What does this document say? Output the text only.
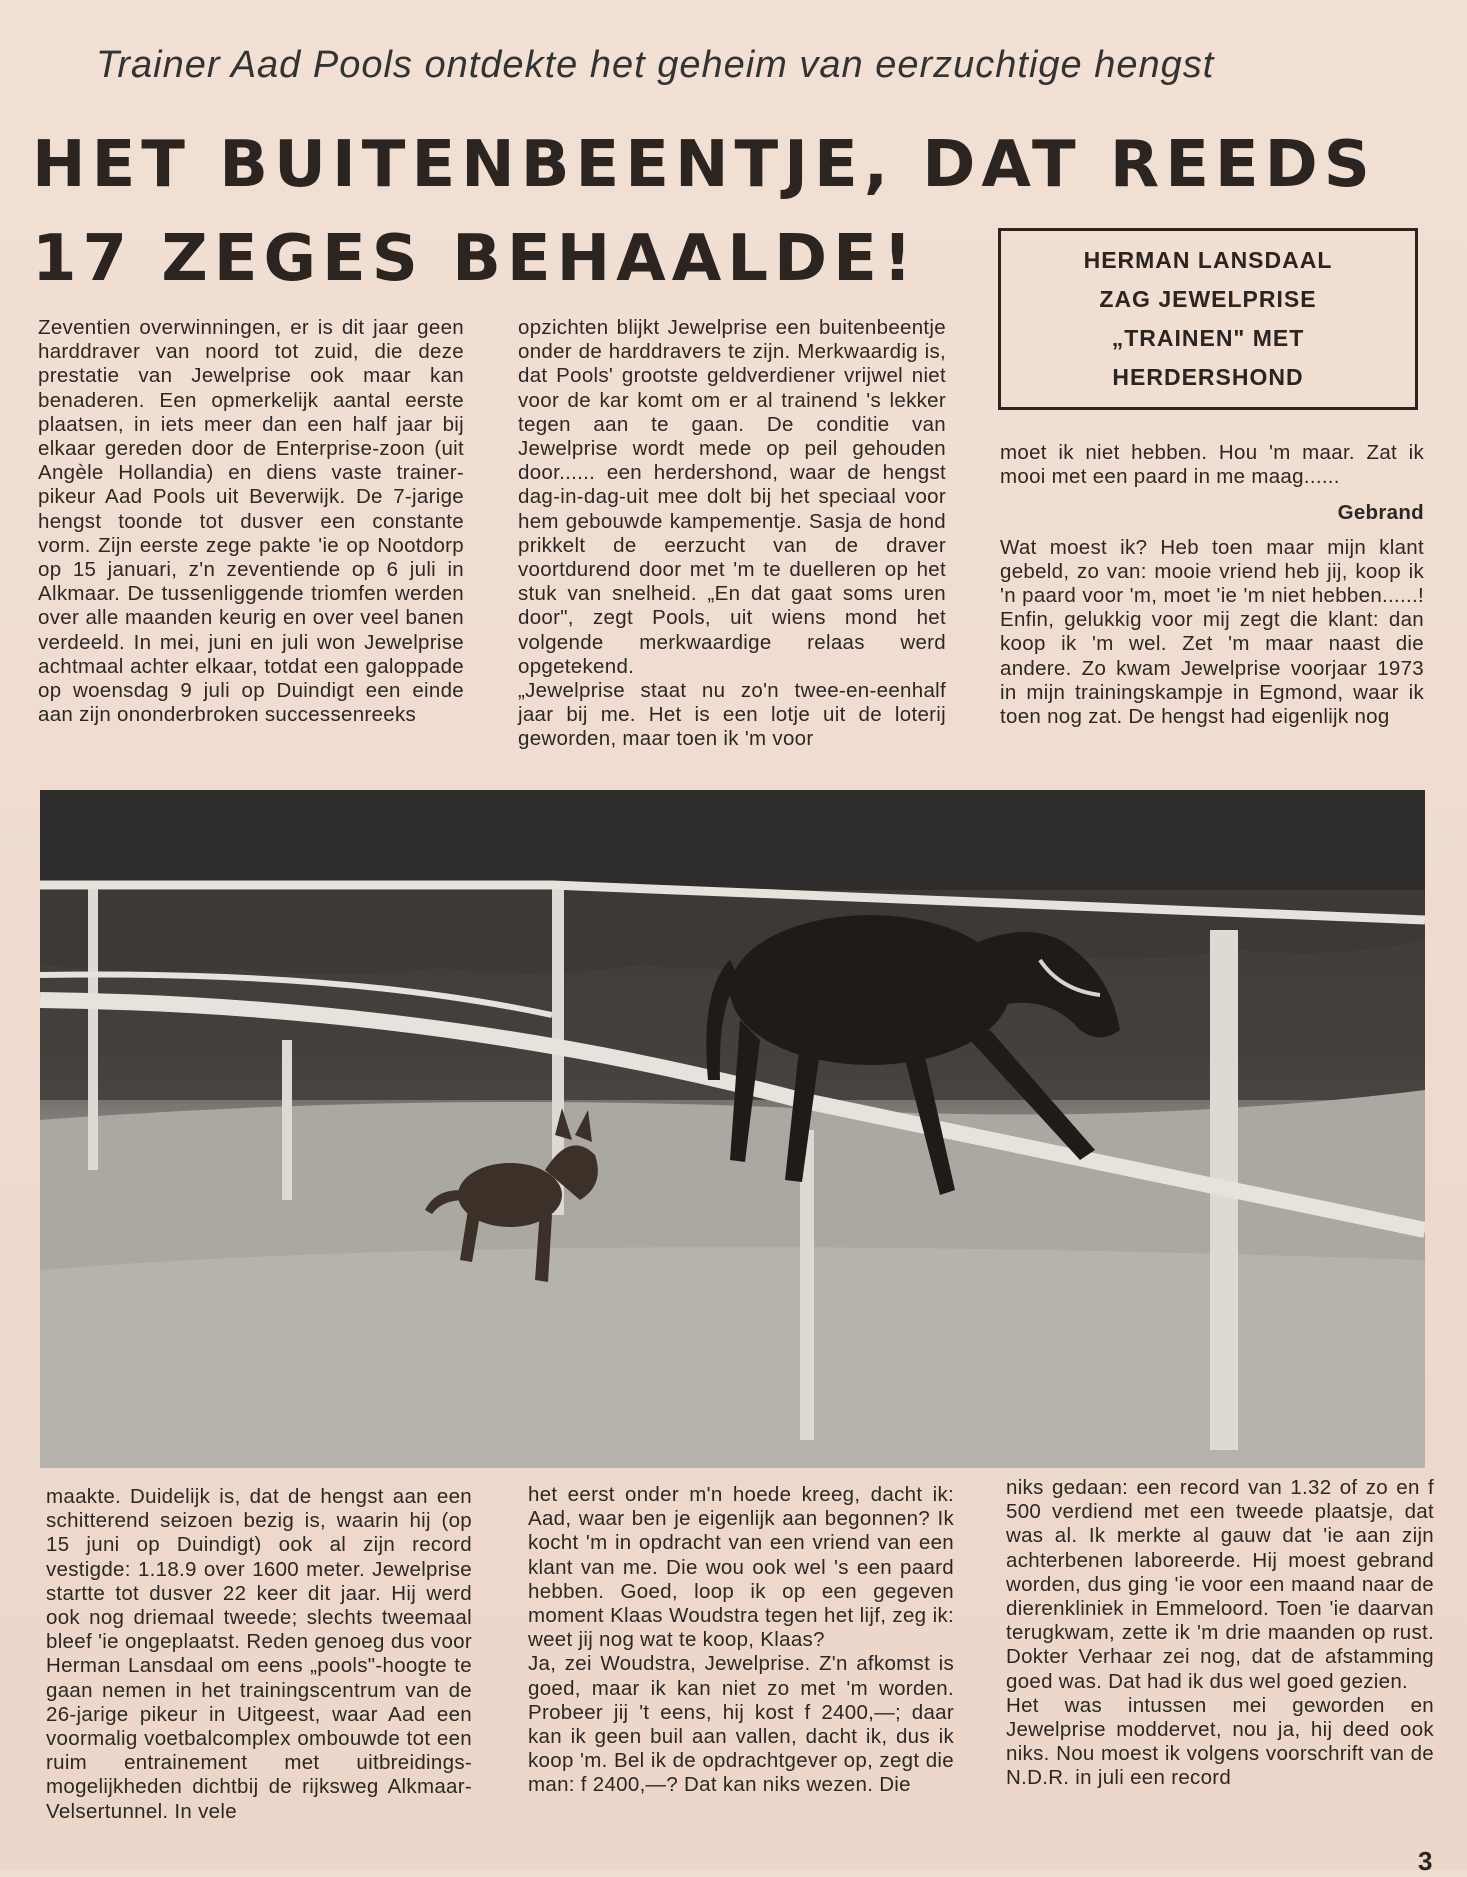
Trainer Aad Pools ontdekte het geheim van eerzuchtige hengst
HET BUITENBEENTJE, DAT REEDS
17 ZEGES BEHAALDE!	HERMAN LANSDAAL
ZAG JEWELPRISE
„TRAINEN" MET
HERDERSHOND

Zeventien overwinningen, er is dit jaar geen harddraver van noord tot zuid, die deze prestatie van Jewelprise ook maar kan benaderen. Een opmerkelijk aantal eerste plaatsen, in iets meer dan een half jaar bij elkaar gereden door de Enterprise-zoon (uit Angèle Hollandia) en diens vaste trainer-pikeur Aad Pools uit Beverwijk. De 7-jarige hengst toonde tot dusver een constante vorm. Zijn eerste zege pakte 'ie op Nootdorp op 15 januari, z'n zeventiende op 6 juli in Alkmaar. De tussenliggende triomfen werden over alle maanden keurig en over veel banen verdeeld. In mei, juni en juli won Jewelprise achtmaal achter elkaar, totdat een galoppade op woensdag 9 juli op Duindigt een einde aan zijn ononderbroken successenreeks

opzichten blijkt Jewelprise een buitenbeentje onder de harddravers te zijn. Merkwaardig is, dat Pools' grootste geldverdiener vrijwel niet voor de kar komt om er al trainend 's lekker tegen aan te gaan. De conditie van Jewelprise wordt mede op peil gehouden door...... een herdershond, waar de hengst dag-in-dag-uit mee dolt bij het speciaal voor hem gebouwde kampementje. Sasja de hond prikkelt de eerzucht van de draver voortdurend door met 'm te duelleren op het stuk van snelheid. „En dat gaat soms uren door", zegt Pools, uit wiens mond het volgende merkwaardige relaas werd opgetekend.

„Jewelprise staat nu zo'n twee-en-eenhalf jaar bij me. Het is een lotje uit de loterij geworden, maar toen ik 'm voor

moet ik niet hebben. Hou 'm maar. Zat ik mooi met een paard in me maag......

Gebrand

Wat moest ik? Heb toen maar mijn klant gebeld, zo van: mooie vriend heb jij, koop ik 'n paard voor 'm, moet 'ie 'm niet hebben......! Enfin, gelukkig voor mij zegt die klant: dan koop ik 'm wel. Zet 'm maar naast die andere. Zo kwam Jewelprise voorjaar 1973 in mijn trainingskampje in Egmond, waar ik toen nog zat. De hengst had eigenlijk nog

maakte. Duidelijk is, dat de hengst aan een schitterend seizoen bezig is, waarin hij (op 15 juni op Duindigt) ook al zijn record vestigde: 1.18.9 over 1600 meter. Jewelprise startte tot dusver 22 keer dit jaar. Hij werd ook nog driemaal tweede; slechts tweemaal bleef 'ie ongeplaatst. Reden genoeg dus voor Herman Lansdaal om eens „pools"-hoogte te gaan nemen in het trainingscentrum van de 26-jarige pikeur in Uitgeest, waar Aad een voormalig voetbalcomplex ombouwde tot een ruim entrainement met uitbreidings-mogelijkheden dichtbij de rijksweg Alkmaar-Velsertunnel. In vele

het eerst onder m'n hoede kreeg, dacht ik: Aad, waar ben je eigenlijk aan begonnen? Ik kocht 'm in opdracht van een vriend van een klant van me. Die wou ook wel 's een paard hebben. Goed, loop ik op een gegeven moment Klaas Woudstra tegen het lijf, zeg ik: weet jij nog wat te koop, Klaas?

Ja, zei Woudstra, Jewelprise. Z'n afkomst is goed, maar ik kan niet zo met 'm worden. Probeer jij 't eens, hij kost f 2400,—; daar kan ik geen buil aan vallen, dacht ik, dus ik koop 'm. Bel ik de opdrachtgever op, zegt die man: f 2400,—? Dat kan niks wezen. Die

niks gedaan: een record van 1.32 of zo en f 500 verdiend met een tweede plaatsje, dat was al. Ik merkte al gauw dat 'ie aan zijn achterbenen laboreerde. Hij moest gebrand worden, dus ging 'ie voor een maand naar de dierenkliniek in Emmeloord. Toen 'ie daarvan terugkwam, zette ik 'm drie maanden op rust. Dokter Verhaar zei nog, dat de afstamming goed was. Dat had ik dus wel goed gezien.

Het was intussen mei geworden en Jewelprise moddervet, nou ja, hij deed ook niks. Nou moest ik volgens voorschrift van de N.D.R. in juli een record

3
